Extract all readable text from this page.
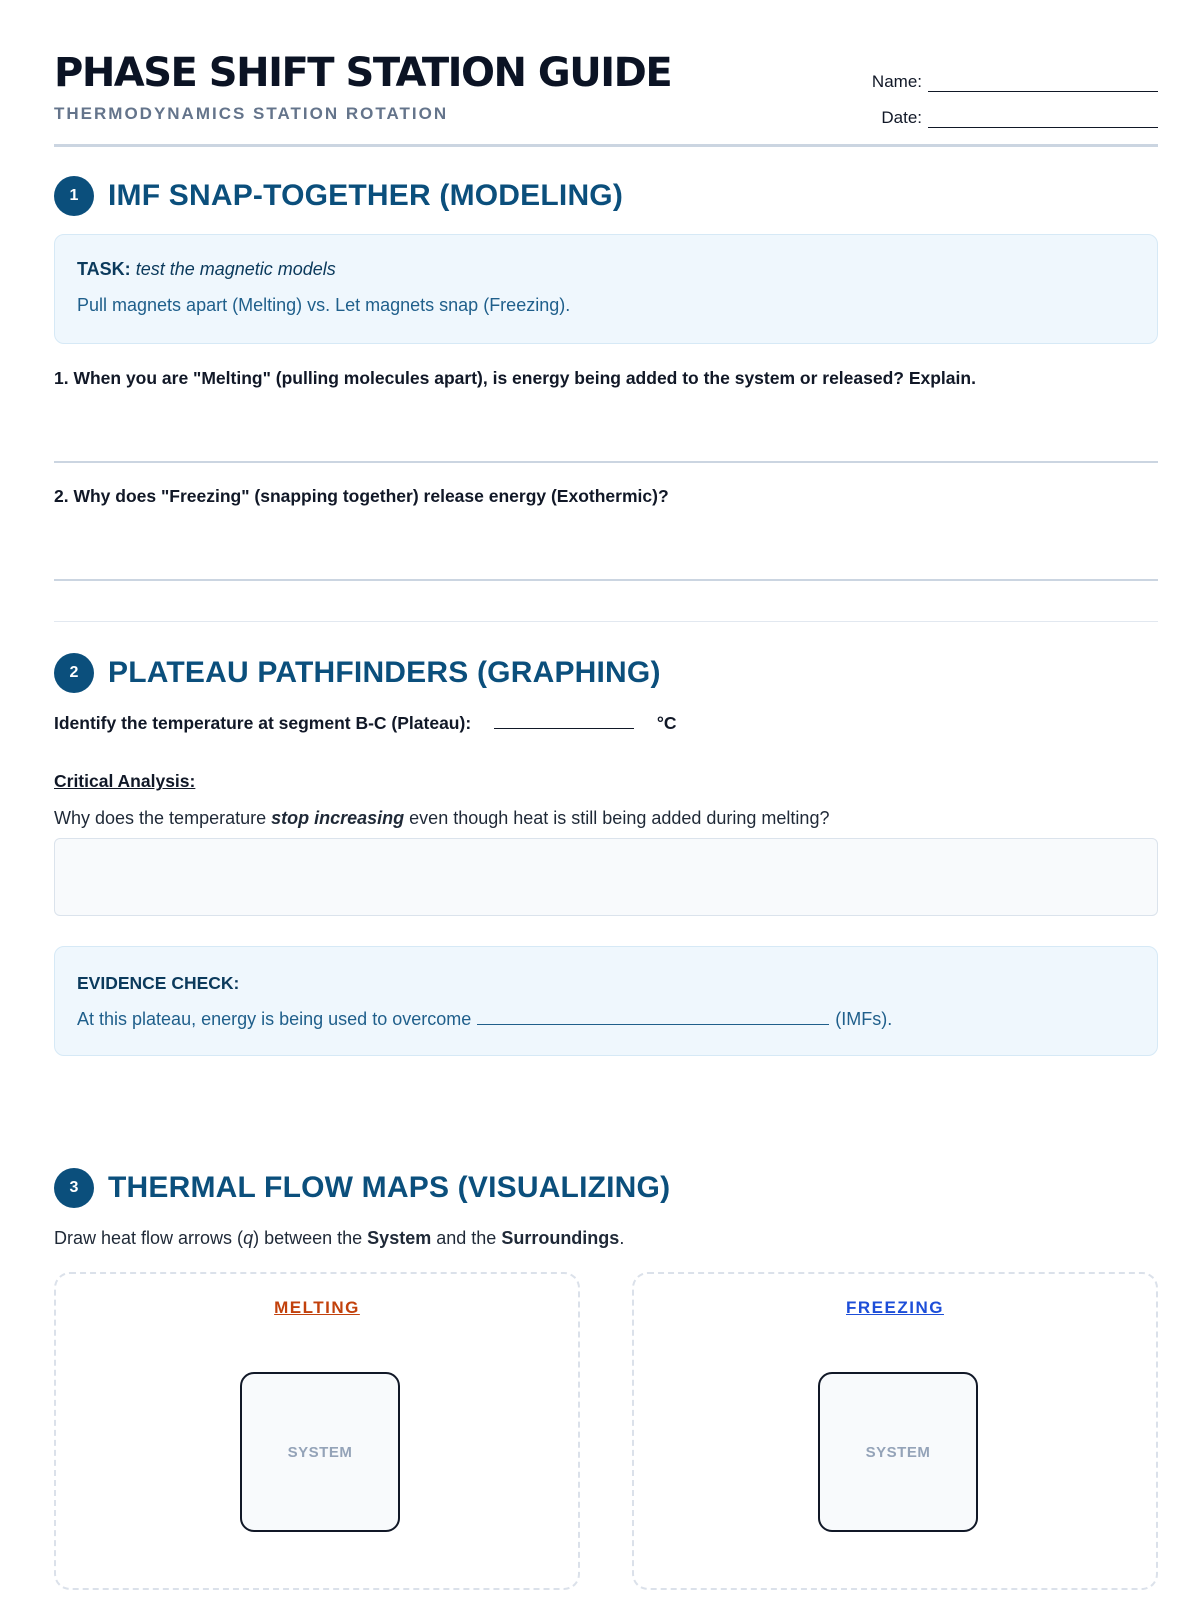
PHASE SHIFT STATION GUIDE
THERMODYNAMICS STATION ROTATION
Name:
Date:
1 IMF SNAP-TOGETHER (MODELING)
TASK: test the magnetic models
Pull magnets apart (Melting) vs. Let magnets snap (Freezing).
1. When you are "Melting" (pulling molecules apart), is energy being added to the system or released? Explain.
2. Why does "Freezing" (snapping together) release energy (Exothermic)?
2 PLATEAU PATHFINDERS (GRAPHING)
Identify the temperature at segment B-C (Plateau):	°C
Critical Analysis:
Why does the temperature stop increasing even though heat is still being added during melting?
EVIDENCE CHECK:
At this plateau, energy is being used to overcome	(IMFs).
3 THERMAL FLOW MAPS (VISUALIZING)
Draw heat flow arrows (q) between the System and the Surroundings.
MELTING
SYSTEM
FREEZING
SYSTEM
